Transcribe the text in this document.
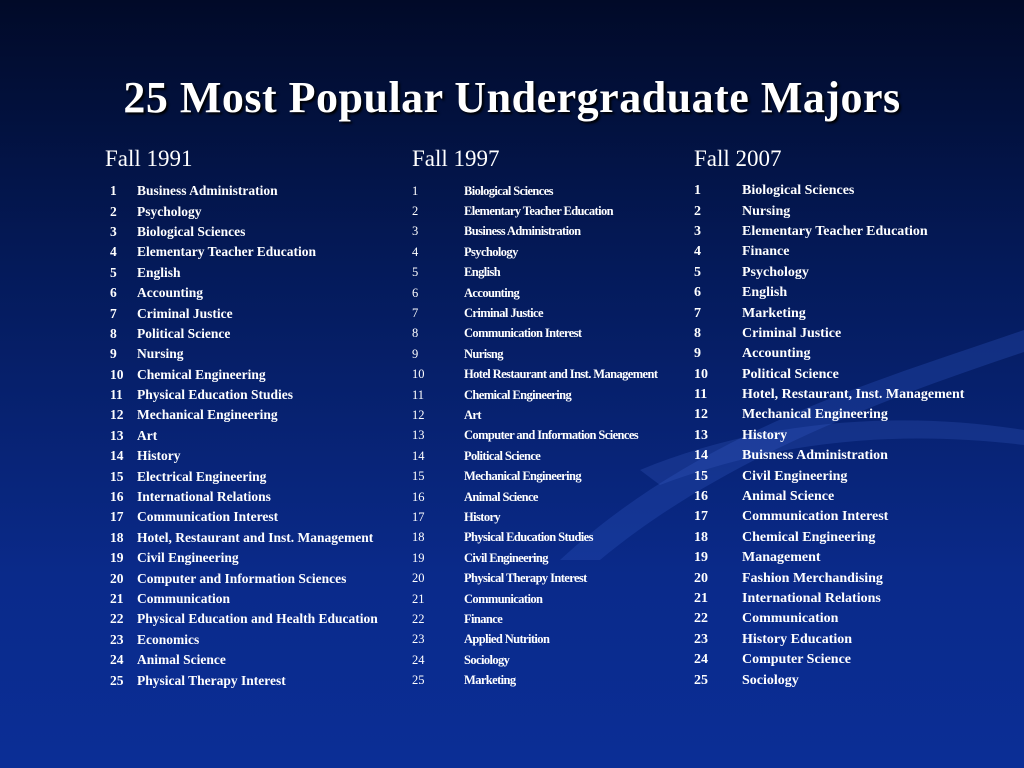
25 Most Popular Undergraduate Majors
Fall 1991
1	Business Administration
2	Psychology
3	Biological Sciences
4	Elementary Teacher Education
5	English
6	Accounting
7	Criminal Justice
8	Political Science
9	Nursing
10	Chemical Engineering
11	Physical Education Studies
12	Mechanical Engineering
13	Art
14	History
15	Electrical Engineering
16	International Relations
17	Communication Interest
18	Hotel, Restaurant and Inst. Management
19	Civil Engineering
20	Computer and Information Sciences
21	Communication
22	Physical Education and Health Education
23	Economics
24	Animal Science
25	Physical Therapy Interest
Fall 1997
1	Biological Sciences
2	Elementary Teacher Education
3	Business Administration
4	Psychology
5	English
6	Accounting
7	Criminal Justice
8	Communication Interest
9	Nurisng
10	Hotel Restaurant and Inst. Management
11	Chemical Engineering
12	Art
13	Computer and Information Sciences
14	Political Science
15	Mechanical Engineering
16	Animal Science
17	History
18	Physical Education Studies
19	Civil Engineering
20	Physical Therapy Interest
21	Communication
22	Finance
23	Applied Nutrition
24	Sociology
25	Marketing
Fall 2007
1	Biological Sciences
2	Nursing
3	Elementary Teacher Education
4	Finance
5	Psychology
6	English
7	Marketing
8	Criminal Justice
9	Accounting
10	Political Science
11	Hotel, Restaurant, Inst. Management
12	Mechanical Engineering
13	History
14	Buisness Administration
15	Civil Engineering
16	Animal Science
17	Communication Interest
18	Chemical Engineering
19	Management
20	Fashion Merchandising
21	International Relations
22	Communication
23	History Education
24	Computer Science
25	Sociology
